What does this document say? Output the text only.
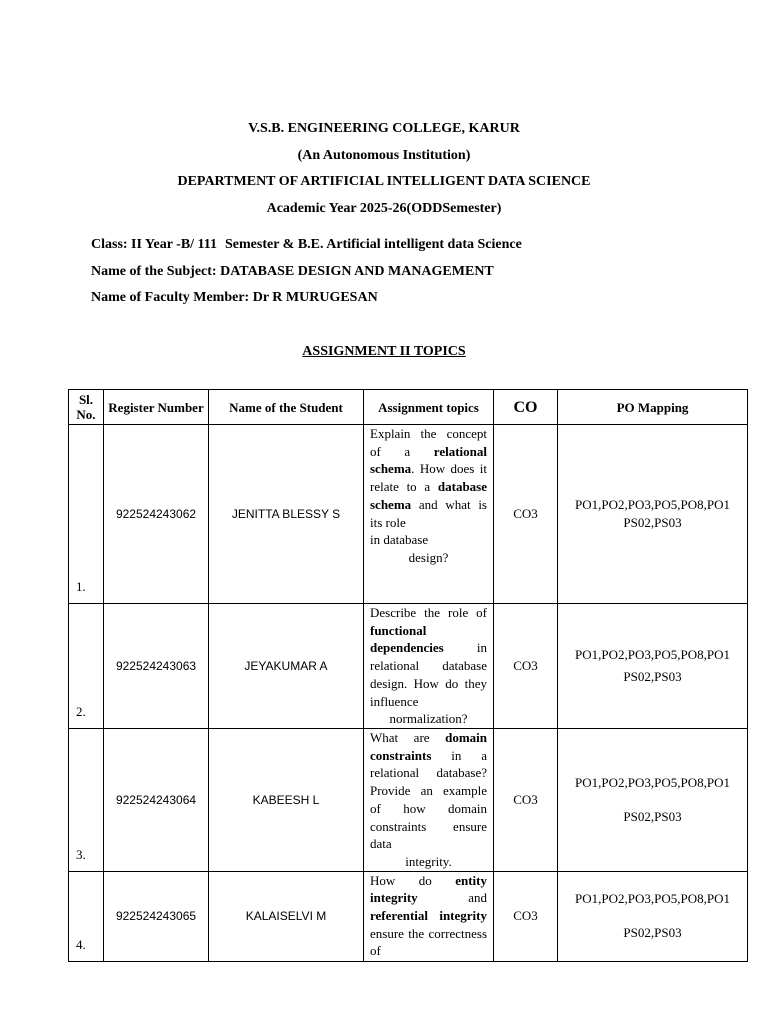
V.S.B. ENGINEERING COLLEGE, KARUR
(An Autonomous Institution)
DEPARTMENT OF ARTIFICIAL INTELLIGENT DATA SCIENCE
Academic Year 2025-26(ODDSemester)
Class: II Year -B/ 111 Semester & B.E. Artificial intelligent data Science
Name of the Subject: DATABASE DESIGN AND MANAGEMENT
Name of Faculty Member: Dr R MURUGESAN
ASSIGNMENT II TOPICS
Sl. No.	Register Number	Name of the Student	Assignment topics	CO	PO Mapping
1.	922524243062	JENITTA BLESSY S	Explain the concept of a relational schema. How does it relate to a database schema and what is its role
in database
design?	CO3	PO1,PO2,PO3,PO5,PO8,PO1
PS02,PS03

2.	922524243063	JEYAKUMAR A	Describe the role of functional dependencies in relational database design. How do they influence
normalization?	CO3	PO1,PO2,PO3,PO5,PO8,PO1
PS02,PS03

3.	922524243064	KABEESH L	What are domain constraints in a relational database? Provide an example of how domain constraints ensure data
integrity.	CO3	PO1,PO2,PO3,PO5,PO8,PO1
PS02,PS03

4.	922524243065	KALAISELVI M	How do entity integrity and referential integrity ensure the correctness of	CO3	PO1,PO2,PO3,PO5,PO8,PO1
PS02,PS03
